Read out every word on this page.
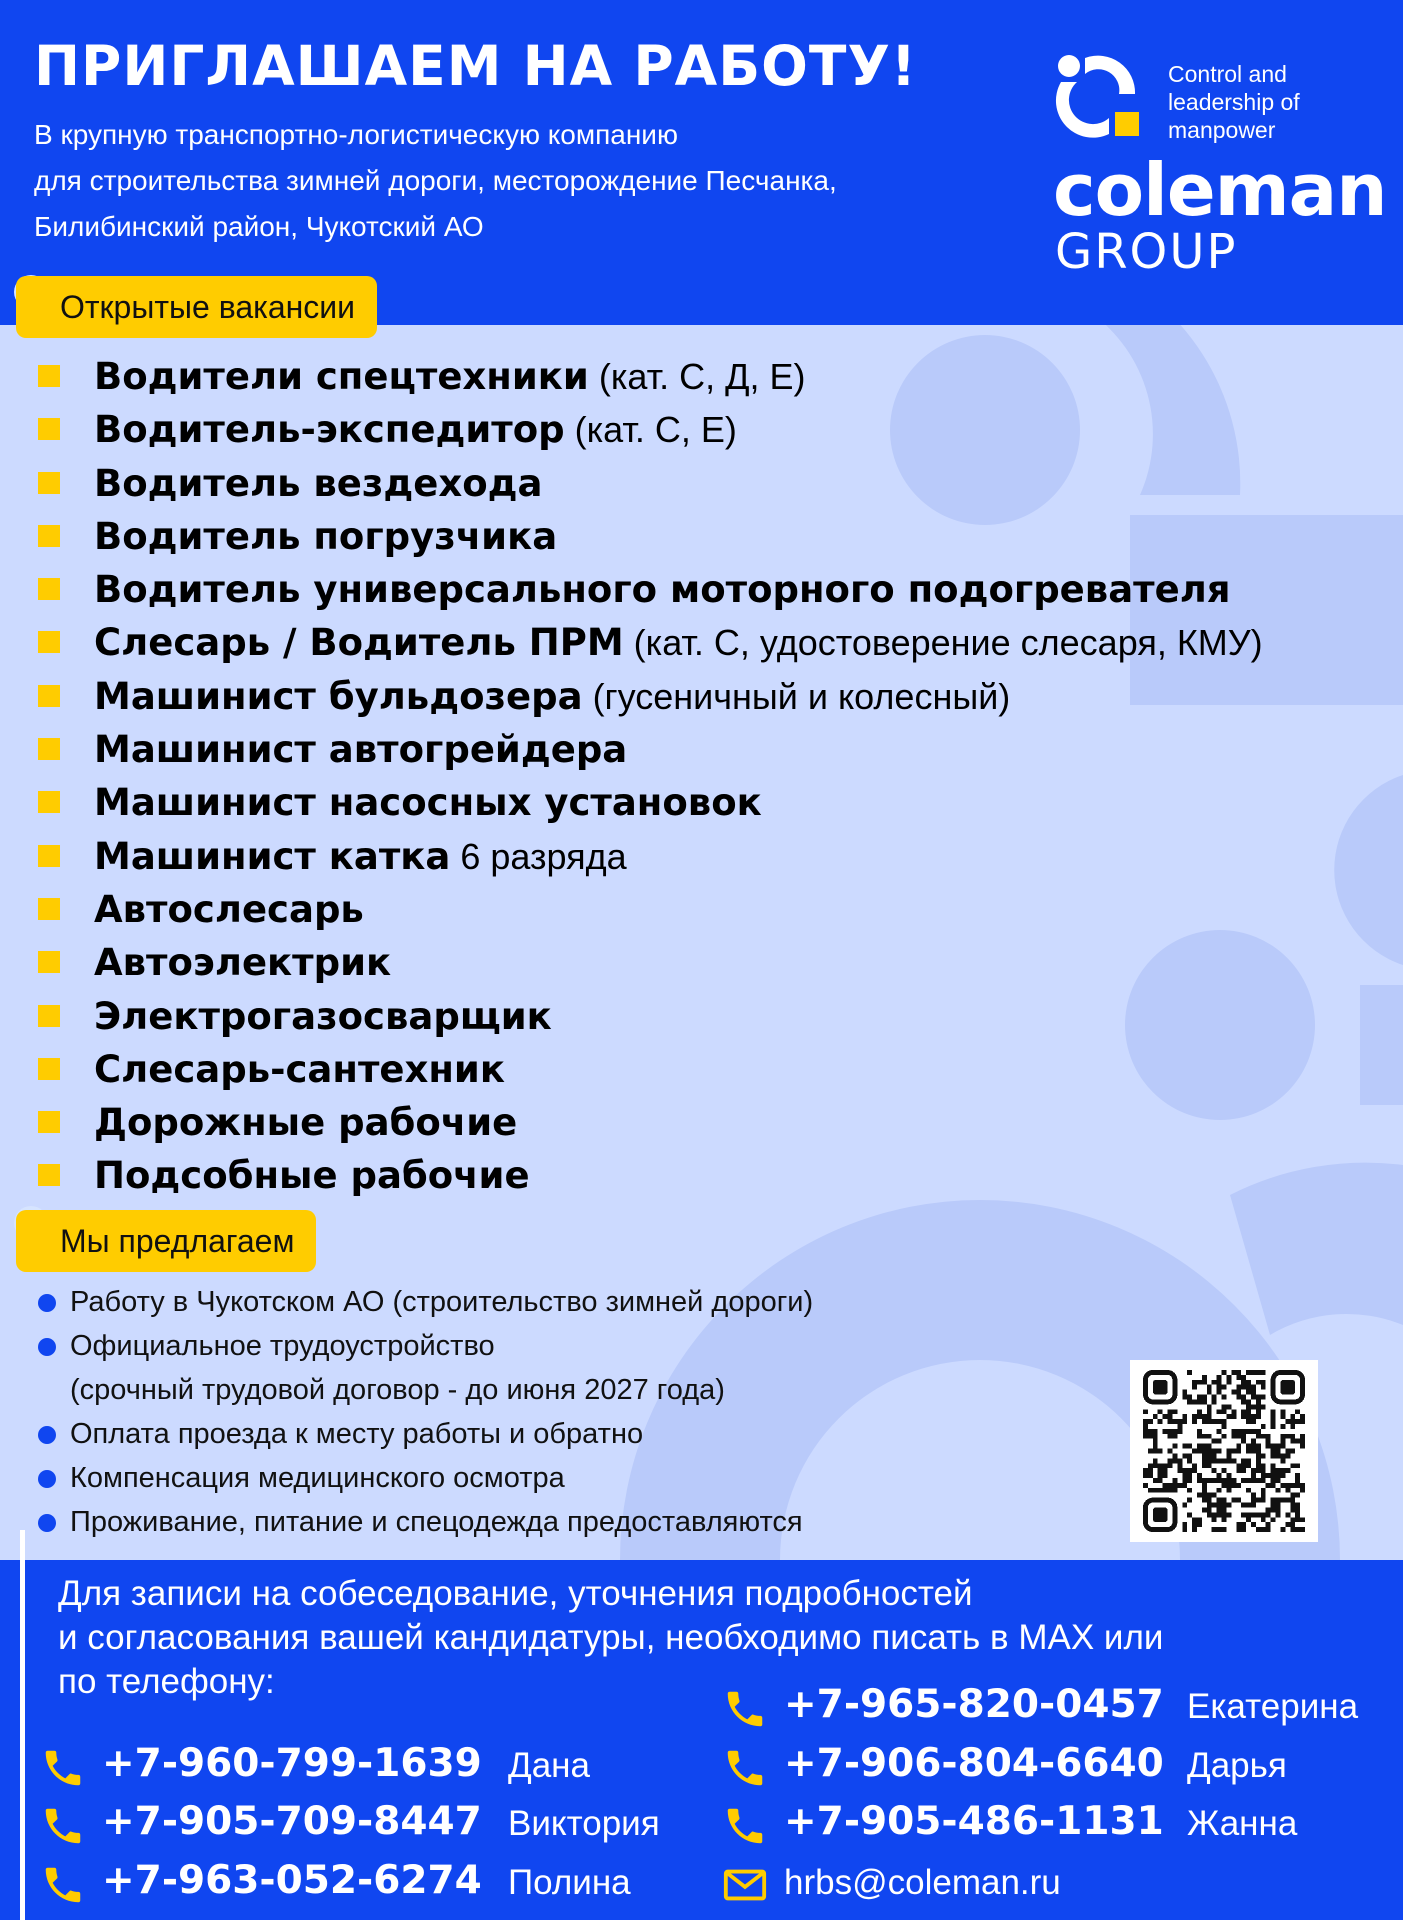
ПРИГЛАШАЕМ НА РАБОТУ!
В крупную транспортно-логистическую компанию
для строительства зимней дороги, месторождение Песчанка,
Билибинский район, Чукотский АО
Control and
leadership of
manpower
coleman
GROUP
Открытые вакансии
Водители спецтехники (кат. С, Д, Е)
Водитель-экспедитор (кат. С, Е)
Водитель вездехода
Водитель погрузчика
Водитель универсального моторного подогревателя
Слесарь / Водитель ПРМ (кат. С, удостоверение слесаря, КМУ)
Машинист бульдозера (гусеничный и колесный)
Машинист автогрейдера
Машинист насосных установок
Машинист катка 6 разряда
Автослесарь
Автоэлектрик
Электрогазосварщик
Слесарь-сантехник
Дорожные рабочие
Подсобные рабочие
Мы предлагаем
Работу в Чукотском АО (строительство зимней дороги)
Официальное трудоустройство
(срочный трудовой договор - до июня 2027 года)
Оплата проезда к месту работы и обратно
Компенсация медицинского осмотра
Проживание, питание и спецодежда предоставляются
Для записи на собеседование, уточнения подробностей
и согласования вашей кандидатуры, необходимо писать в MAX или
по телефону:
+7-965-820-0457 Екатерина
+7-906-804-6640 Дарья
+7-905-486-1131 Жанна
hrbs@coleman.ru
+7-960-799-1639 Дана
+7-905-709-8447 Виктория
+7-963-052-6274 Полина
